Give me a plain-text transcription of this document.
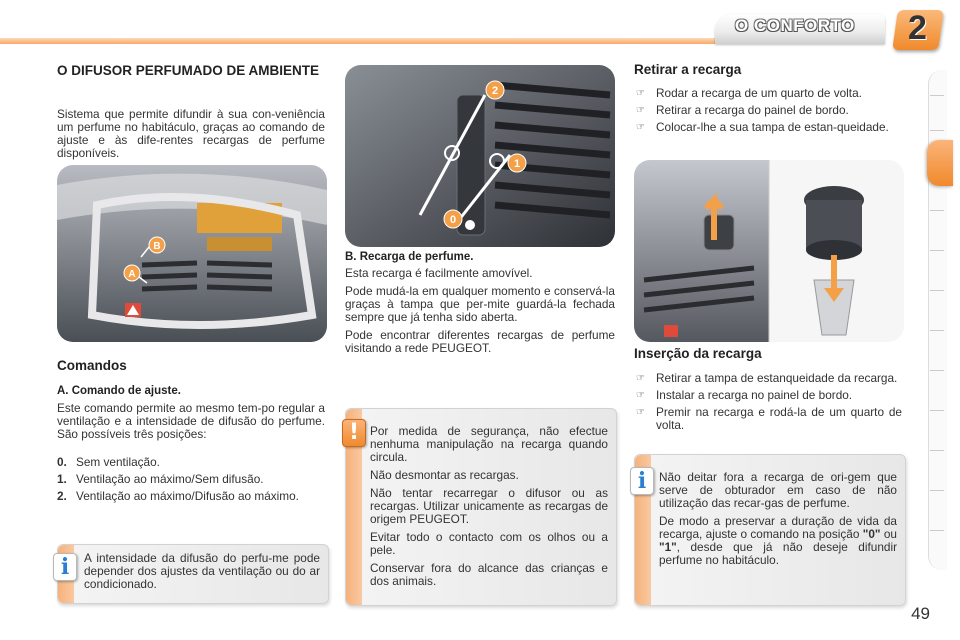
O CONFORTO 2
O DIFUSOR PERFUMADO DE AMBIENTE
Sistema que permite difundir à sua con-veniência um perfume no habitáculo, graças ao comando de ajuste e às dife-rentes recargas de perfume disponíveis.
B
A
Comandos
A. Comando de ajuste.
Este comando permite ao mesmo tem-po regular a ventilação e a intensidade de difusão do perfume. São possíveis três posições:
0. Sem ventilação.
1. Ventilação ao máximo/Sem difusão.
2. Ventilação ao máximo/Difusão ao máximo.
A intensidade da difusão do perfu-me pode depender dos ajustes da ventilação ou do ar condicionado.
i
2
1
0
B. Recarga de perfume.

Esta recarga é facilmente amovível.

Pode mudá-la em qualquer momento e conservá-la graças à tampa que per-mite guardá-la fechada sempre que já tenha sido aberta.

Pode encontrar diferentes recargas de perfume visitando a rede PEUGEOT.

Por medida de segurança, não efectue nenhuma manipulação na recarga quando circula.

Não desmontar as recargas.

Não tentar recarregar o difusor ou as recargas. Utilizar unicamente as recargas de origem PEUGEOT.

Evitar todo o contacto com os olhos ou a pele.

Conservar fora do alcance das crianças e dos animais.

!
Retirar a recarga
☞ Rodar a recarga de um quarto de volta.
☞ Retirar a recarga do painel de bordo.
☞ Colocar-lhe a sua tampa de estan-queidade.
Inserção da recarga
☞ Retirar a tampa de estanqueidade da recarga.
☞ Instalar a recarga no painel de bordo.
☞ Premir na recarga e rodá-la de um quarto de volta.

Não deitar fora a recarga de ori-gem que serve de obturador em caso de não utilização das recar-gas de perfume.

De modo a preservar a duração de vida da recarga, ajuste o comando na posição "0" ou "1", desde que já não deseje difundir perfume no habitáculo.

i
49
